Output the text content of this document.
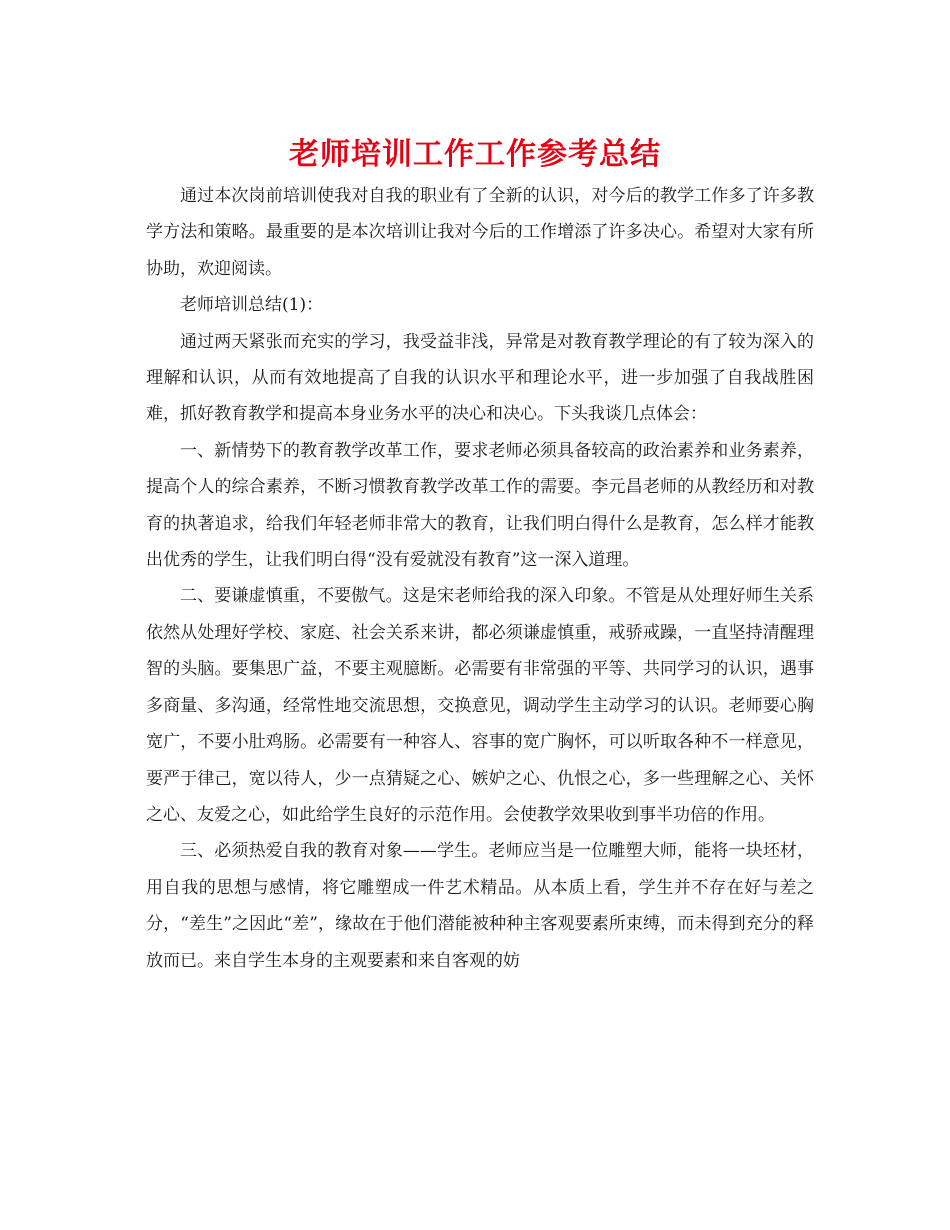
老师培训工作工作参考总结

通过本次岗前培训使我对自我的职业有了全新的认识，对今后的教学工作多了许多教学方法和策略。最重要的是本次培训让我对今后的工作增添了许多决心。希望对大家有所协助，欢迎阅读。

老师培训总结(1)：

通过两天紧张而充实的学习，我受益非浅，异常是对教育教学理论的有了较为深入的理解和认识，从而有效地提高了自我的认识水平和理论水平，进一步加强了自我战胜困难，抓好教育教学和提高本身业务水平的决心和决心。下头我谈几点体会：

一、新情势下的教育教学改革工作，要求老师必须具备较高的政治素养和业务素养，提高个人的综合素养，不断习惯教育教学改革工作的需要。李元昌老师的从教经历和对教育的执著追求，给我们年轻老师非常大的教育，让我们明白得什么是教育，怎么样才能教出优秀的学生，让我们明白得“没有爱就没有教育”这一深入道理。

二、要谦虚慎重，不要傲气。这是宋老师给我的深入印象。不管是从处理好师生关系依然从处理好学校、家庭、社会关系来讲，都必须谦虚慎重，戒骄戒躁，一直坚持清醒理智的头脑。要集思广益，不要主观臆断。必需要有非常强的平等、共同学习的认识，遇事多商量、多沟通，经常性地交流思想，交换意见，调动学生主动学习的认识。老师要心胸宽广，不要小肚鸡肠。必需要有一种容人、容事的宽广胸怀，可以听取各种不一样意见，要严于律己，宽以待人，少一点猜疑之心、嫉妒之心、仇恨之心，多一些理解之心、关怀之心、友爱之心，如此给学生良好的示范作用。会使教学效果收到事半功倍的作用。

三、必须热爱自我的教育对象——学生。老师应当是一位雕塑大师，能将一块坯材，用自我的思想与感情，将它雕塑成一件艺术精品。从本质上看，学生并不存在好与差之分，“差生”之因此“差”，缘故在于他们潜能被种种主客观要素所束缚，而未得到充分的释放而已。来自学生本身的主观要素和来自客观的妨
